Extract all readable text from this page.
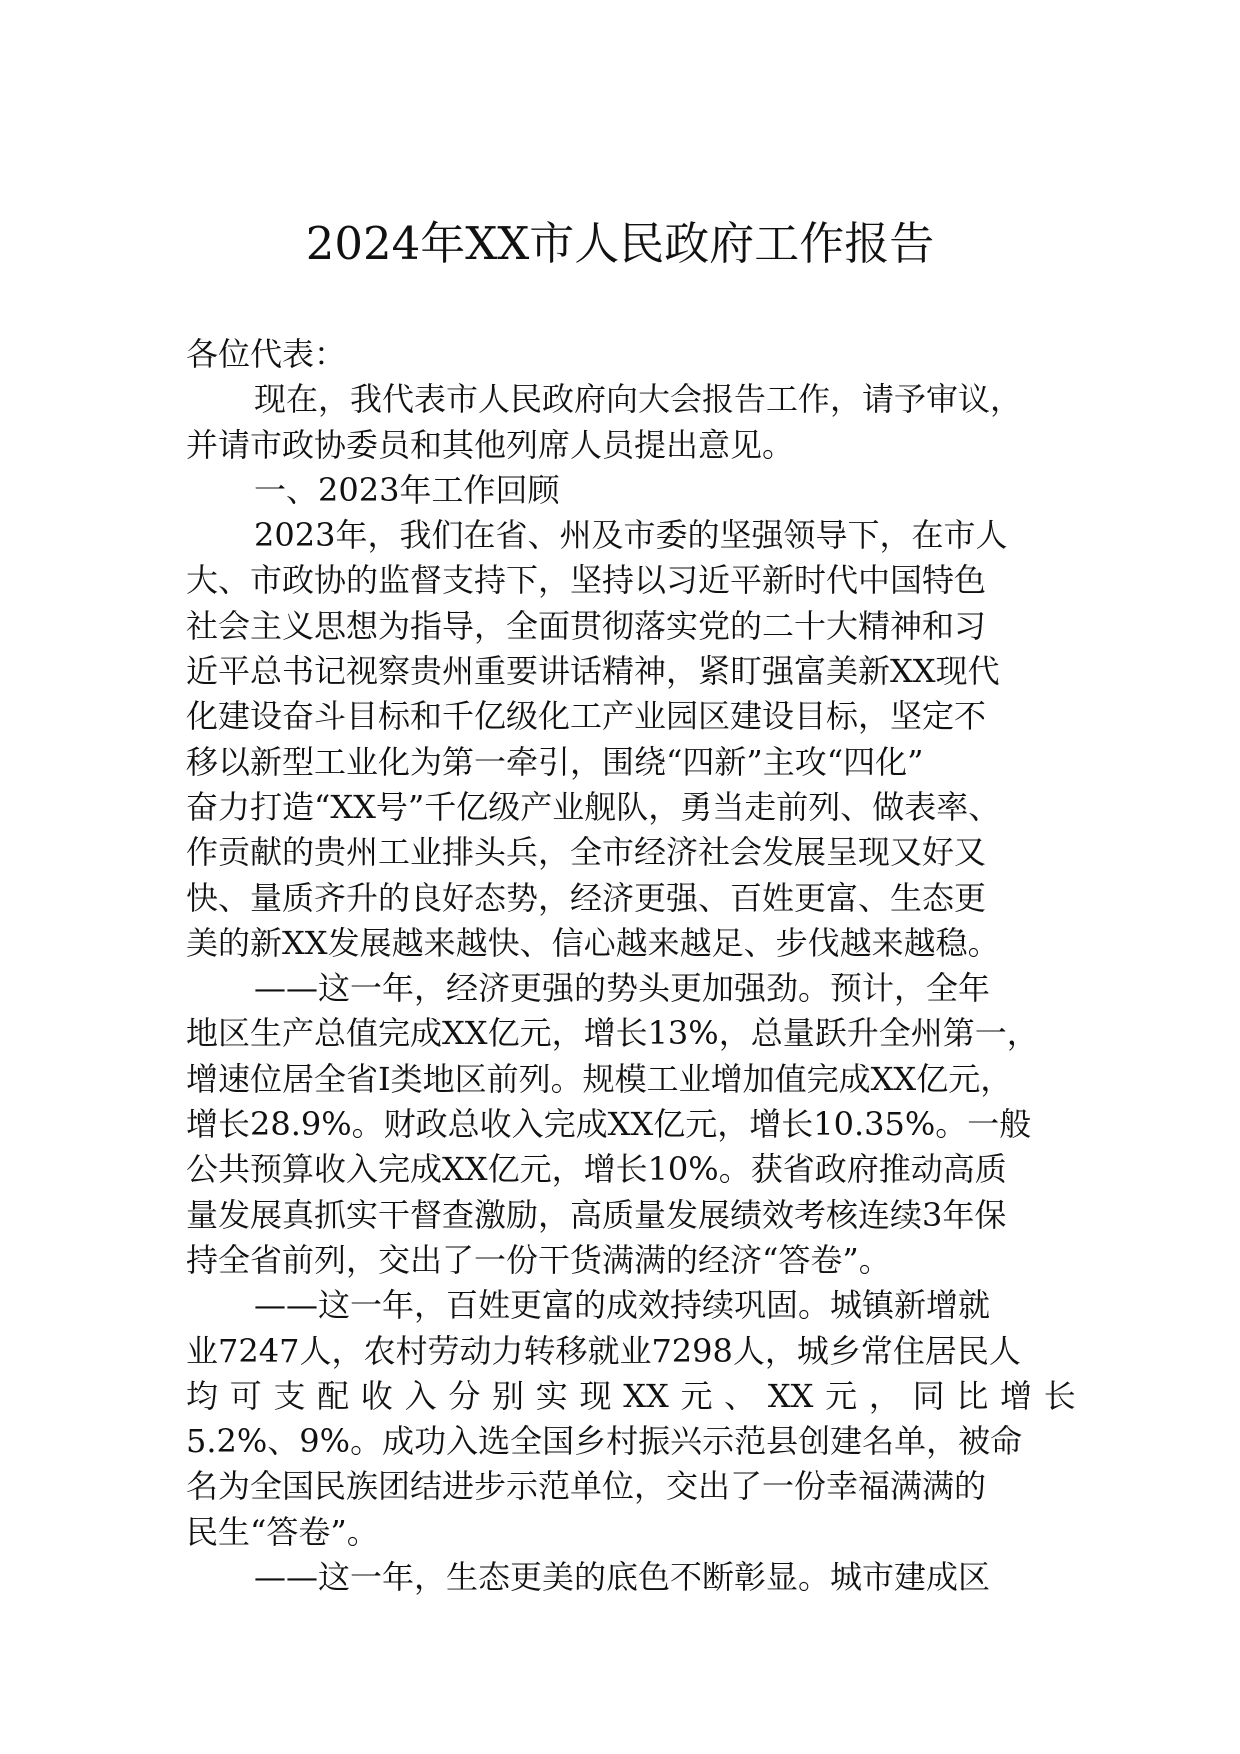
2024年XX市人民政府工作报告
各位代表：
现在，我代表市人民政府向大会报告工作，请予审议，
并请市政协委员和其他列席人员提出意见。
一、2023年工作回顾
2023年，我们在省、州及市委的坚强领导下，在市人
大、市政协的监督支持下，坚持以习近平新时代中国特色
社会主义思想为指导，全面贯彻落实党的二十大精神和习
近平总书记视察贵州重要讲话精神，紧盯强富美新XX现代
化建设奋斗目标和千亿级化工产业园区建设目标，坚定不
移以新型工业化为第一牵引，围绕“四新”主攻“四化”
奋力打造“XX号”千亿级产业舰队，勇当走前列、做表率、
作贡献的贵州工业排头兵，全市经济社会发展呈现又好又
快、量质齐升的良好态势，经济更强、百姓更富、生态更
美的新XX发展越来越快、信心越来越足、步伐越来越稳。
——这一年，经济更强的势头更加强劲。预计，全年
地区生产总值完成XX亿元，增长13%，总量跃升全州第一，
增速位居全省I类地区前列。规模工业增加值完成XX亿元，
增长28.9%。财政总收入完成XX亿元，增长10.35%。一般
公共预算收入完成XX亿元，增长10%。获省政府推动高质
量发展真抓实干督查激励，高质量发展绩效考核连续3年保
持全省前列，交出了一份干货满满的经济“答卷”。
——这一年，百姓更富的成效持续巩固。城镇新增就
业7247人，农村劳动力转移就业7298人，城乡常住居民人
均 可 支 配 收 入 分 别 实 现 XX 元 、 XX 元 ， 同 比 增 长
5.2%、9%。成功入选全国乡村振兴示范县创建名单，被命
名为全国民族团结进步示范单位，交出了一份幸福满满的
民生“答卷”。
——这一年，生态更美的底色不断彰显。城市建成区
